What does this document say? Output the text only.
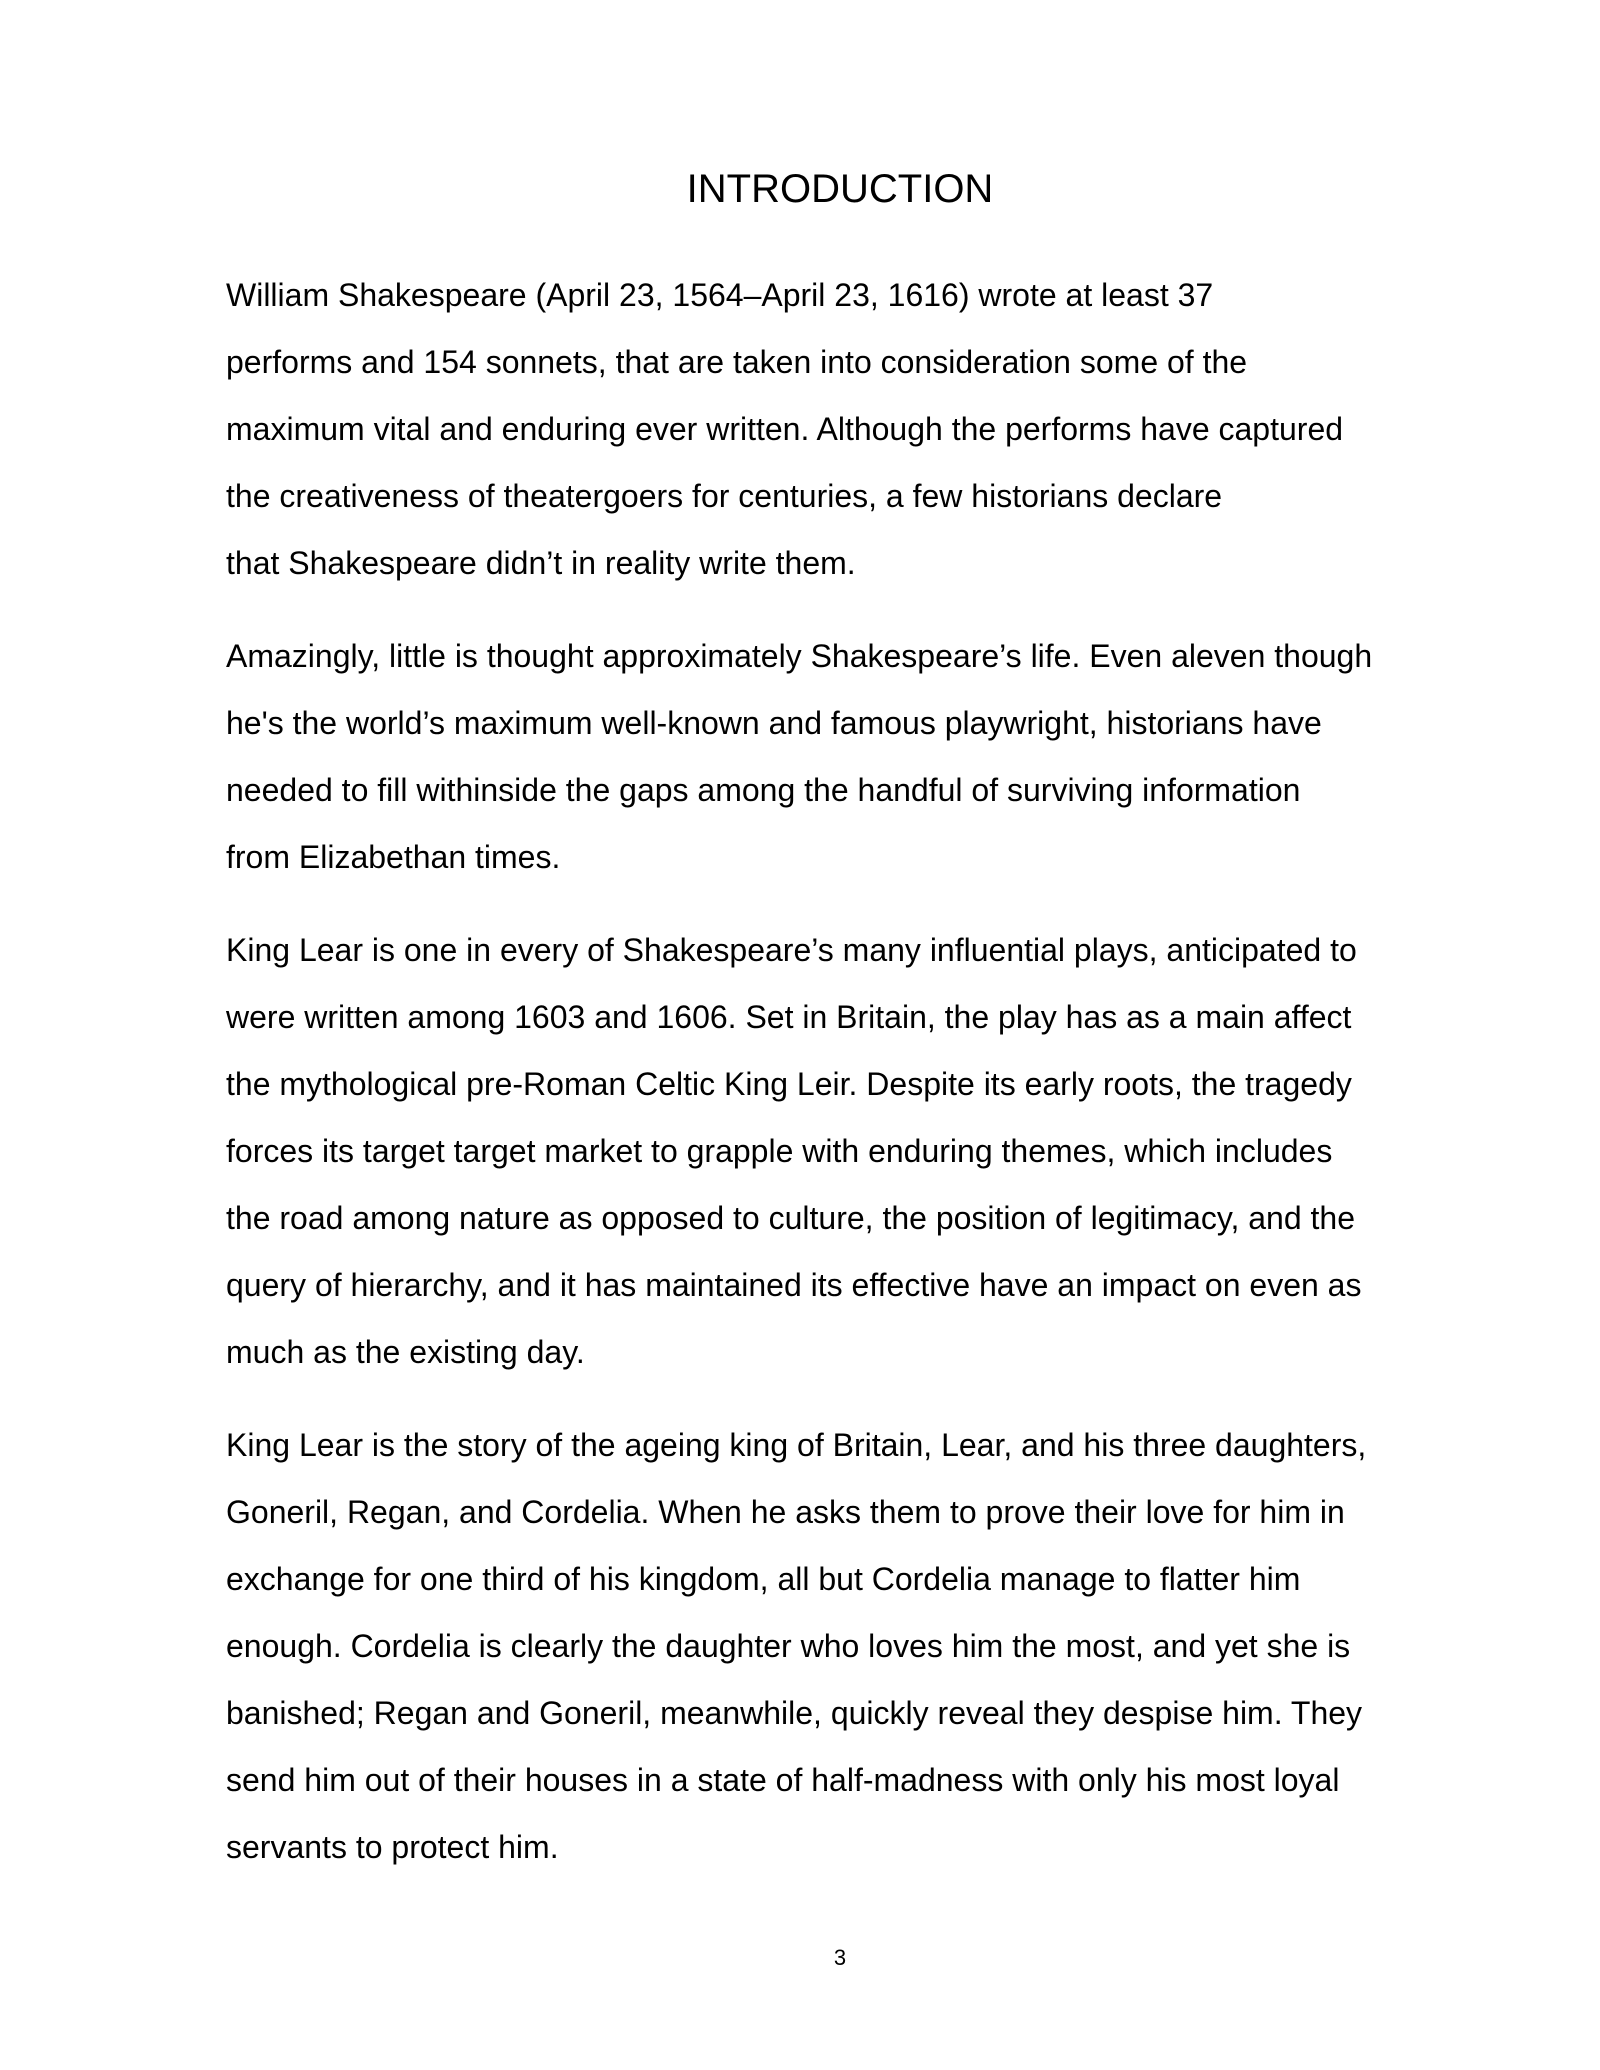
INTRODUCTION

William Shakespeare (April 23, 1564–April 23, 1616) wrote at least 37
performs and 154 sonnets, that are taken into consideration some of the
maximum vital and enduring ever written. Although the performs have captured
the creativeness of theatergoers for centuries, a few historians declare
that Shakespeare didn’t in reality write them.

Amazingly, little is thought approximately Shakespeare’s life. Even aleven though
he's the world’s maximum well-known and famous playwright, historians have
needed to fill withinside the gaps among the handful of surviving information
from Elizabethan times.

King Lear is one in every of Shakespeare’s many influential plays, anticipated to
were written among 1603 and 1606. Set in Britain, the play has as a main affect
the mythological pre-Roman Celtic King Leir. Despite its early roots, the tragedy
forces its target target market to grapple with enduring themes, which includes
the road among nature as opposed to culture, the position of legitimacy, and the
query of hierarchy, and it has maintained its effective have an impact on even as
much as the existing day.

King Lear is the story of the ageing king of Britain, Lear, and his three daughters,
Goneril, Regan, and Cordelia. When he asks them to prove their love for him in
exchange for one third of his kingdom, all but Cordelia manage to flatter him
enough. Cordelia is clearly the daughter who loves him the most, and yet she is
banished; Regan and Goneril, meanwhile, quickly reveal they despise him. They
send him out of their houses in a state of half-madness with only his most loyal
servants to protect him.

3
